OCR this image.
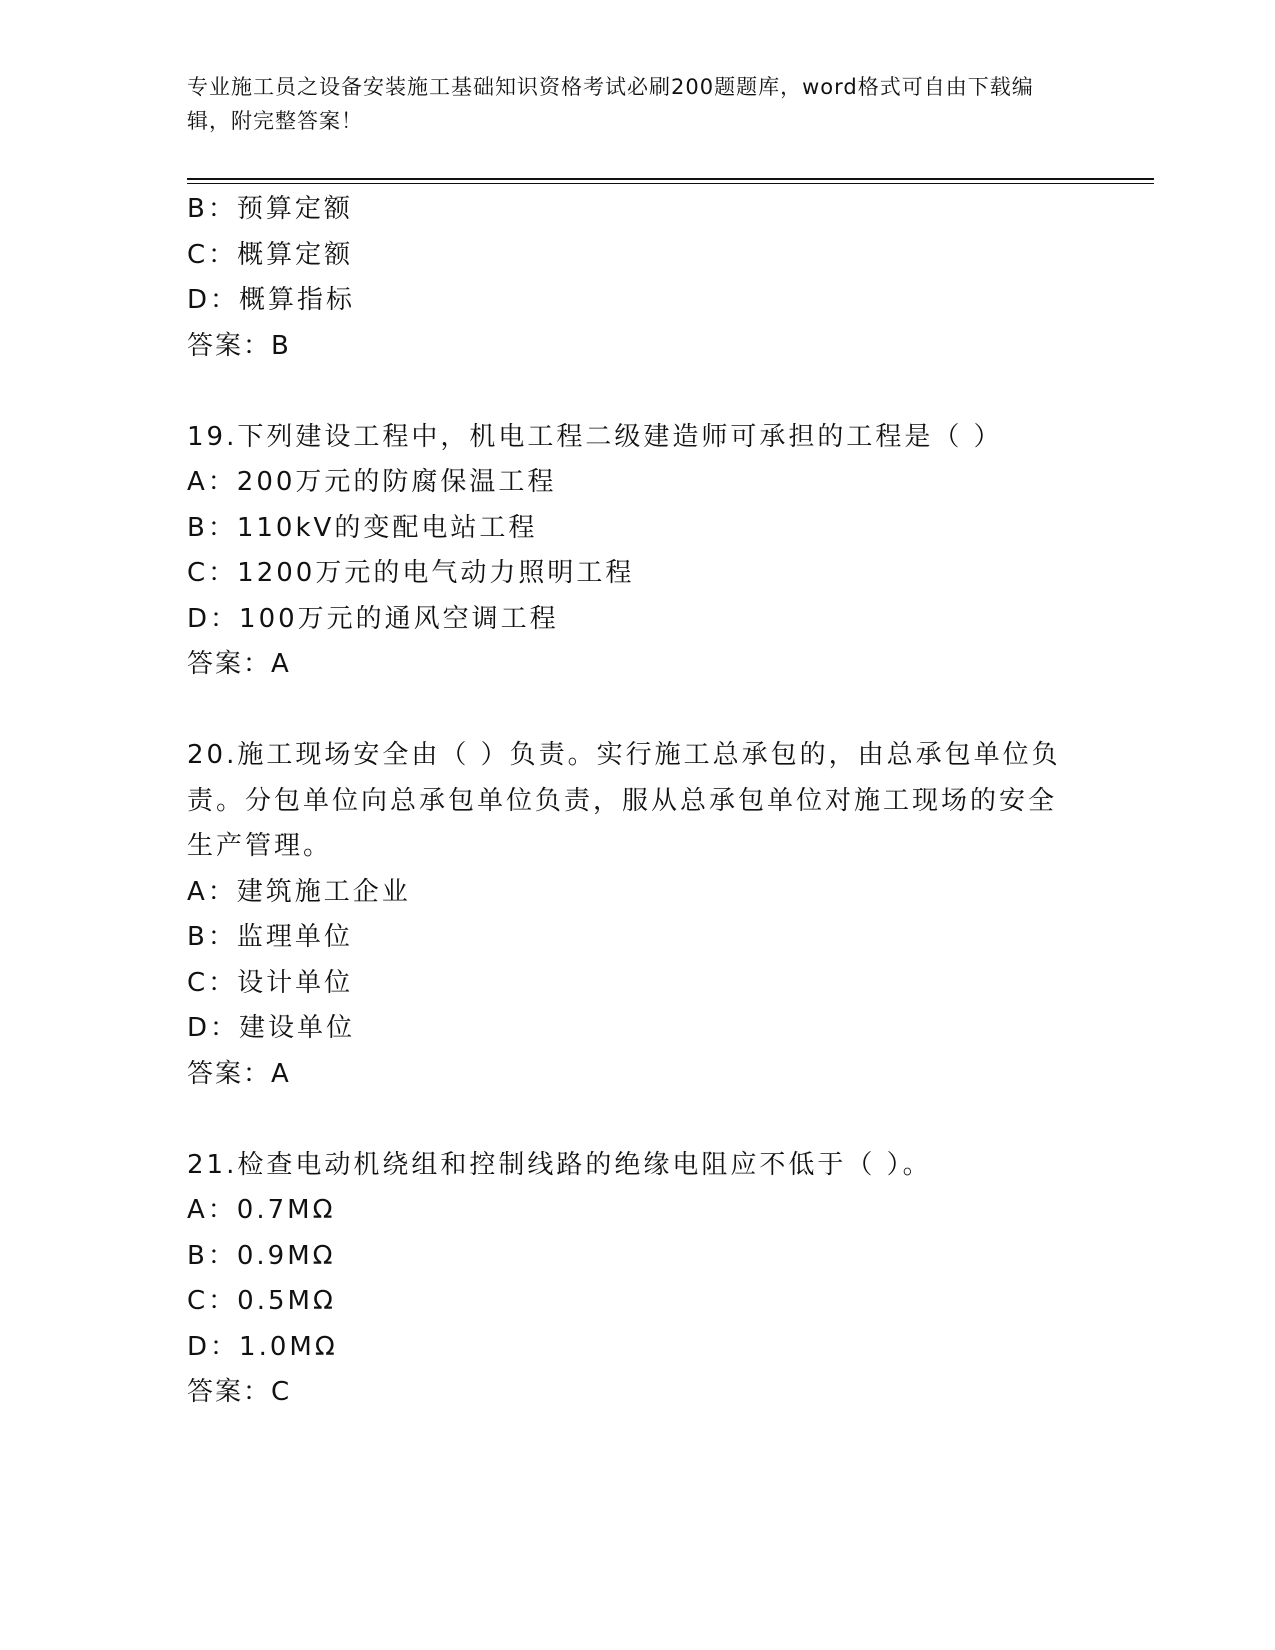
专业施工员之设备安装施工基础知识资格考试必刷200题题库，word格式可自由下载编辑，附完整答案！
B：预算定额
C：概算定额
D：概算指标
答案：B
19.下列建设工程中，机电工程二级建造师可承担的工程是（ ）
A：200万元的防腐保温工程
B：110kV的变配电站工程
C：1200万元的电气动力照明工程
D：100万元的通风空调工程
答案：A
20.施工现场安全由（ ）负责。实行施工总承包的，由总承包单位负责。分包单位向总承包单位负责，服从总承包单位对施工现场的安全生产管理。
A：建筑施工企业
B：监理单位
C：设计单位
D：建设单位
答案：A
21.检查电动机绕组和控制线路的绝缘电阻应不低于（ ）。
A：0.7MΩ
B：0.9MΩ
C：0.5MΩ
D：1.0MΩ
答案：C
